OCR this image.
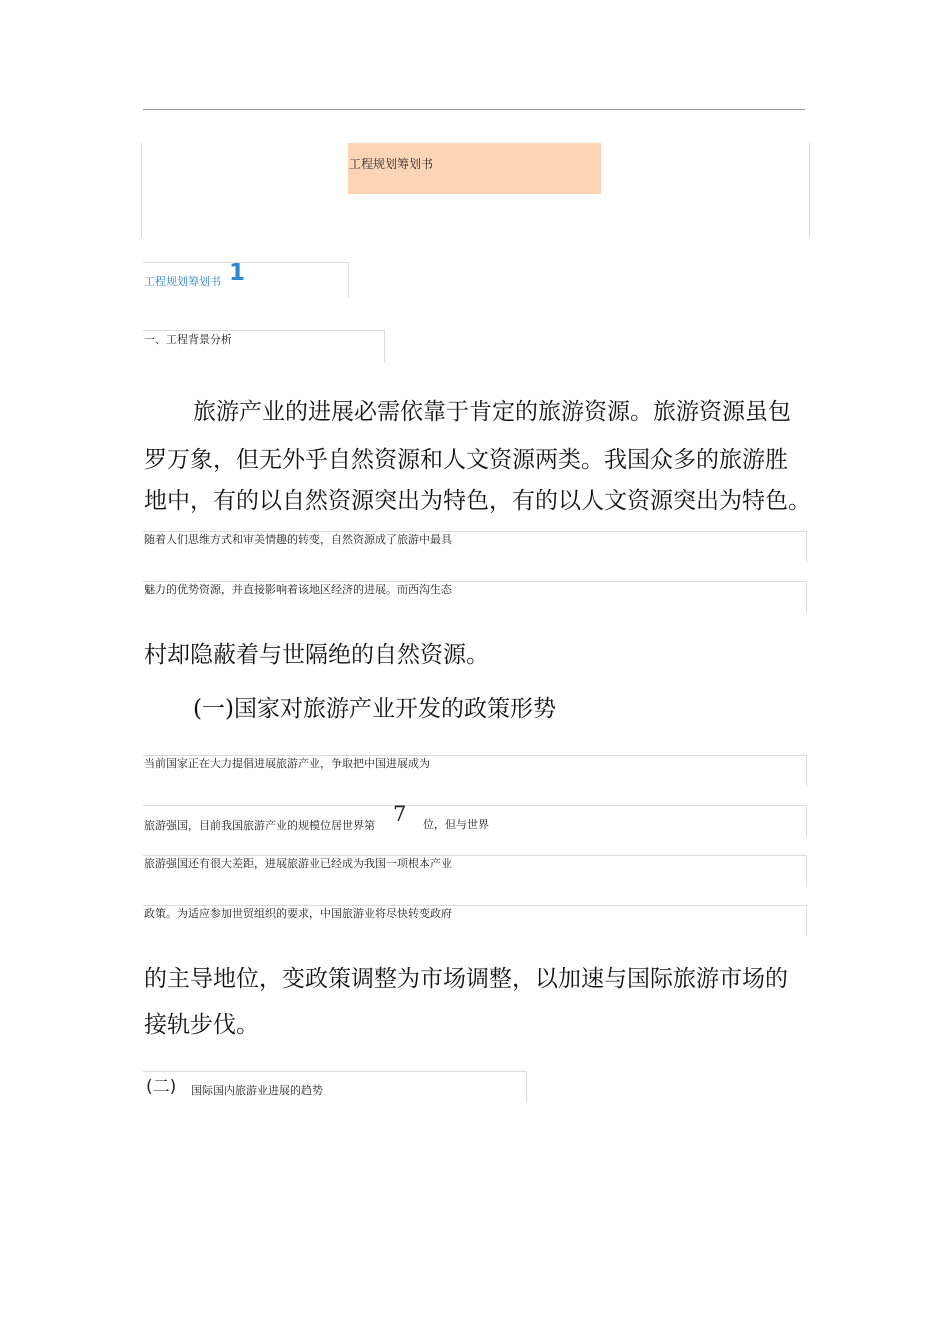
工程规划筹划书
工程规划筹划书 1
一、工程背景分析
旅游产业的进展必需依靠于肯定的旅游资源。旅游资源虽包
罗万象，但无外乎自然资源和人文资源两类。我国众多的旅游胜
地中，有的以自然资源突出为特色，有的以人文资源突出为特色。
随着人们思维方式和审美情趣的转变，自然资源成了旅游中最具
魅力的优势资源，并直接影响着该地区经济的进展。而西沟生态
村却隐蔽着与世隔绝的自然资源。
(一)国家对旅游产业开发的政策形势
当前国家正在大力提倡进展旅游产业，争取把中国进展成为
旅游强国，目前我国旅游产业的规模位居世界第 7 位，但与世界
旅游强国还有很大差距，进展旅游业已经成为我国一项根本产业
政策。为适应参加世贸组织的要求，中国旅游业将尽快转变政府
的主导地位，变政策调整为市场调整，以加速与国际旅游市场的
接轨步伐。
(二) 国际国内旅游业进展的趋势
